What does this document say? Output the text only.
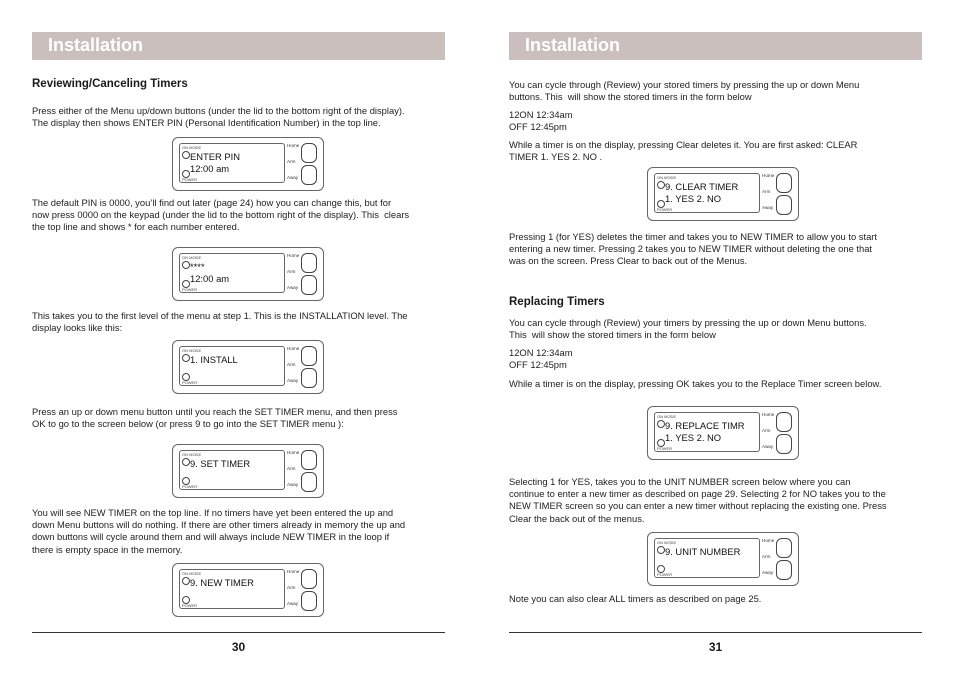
Installation
Reviewing/Canceling Timers
Press either of the Menu up/down buttons (under the lid to the bottom right of the display).
The display then shows ENTER PIN (Personal Identification Number) in the top line.
ON MODE
POWER
ENTER PIN
12:00 am
Home
Arm
Away
The default PIN is 0000, you’ll find out later (page 24) how you can change this, but for
now press 0000 on the keypad (under the lid to the bottom right of the display). This  clears
the top line and shows * for each number entered.
ON MODE
POWER
****
12:00 am
Home
Arm
Away
This takes you to the first level of the menu at step 1. This is the INSTALLATION level. The
display looks like this:
ON MODE
POWER
1. INSTALL
Home
Arm
Away
Press an up or down menu button until you reach the SET TIMER menu, and then press
OK to go to the screen below (or press 9 to go into the SET TIMER menu ):
ON MODE
POWER
9. SET TIMER
Home
Arm
Away
You will see NEW TIMER on the top line. If no timers have yet been entered the up and
down Menu buttons will do nothing. If there are other timers already in memory the up and
down buttons will cycle around them and will always include NEW TIMER in the loop if
there is empty space in the memory.
ON MODE
POWER
9. NEW TIMER
Home
Arm
Away
30
Installation
You can cycle through (Review) your stored timers by pressing the up or down Menu
buttons. This  will show the stored timers in the form below
12ON 12:34am
OFF 12:45pm
While a timer is on the display, pressing Clear deletes it. You are first asked: CLEAR
TIMER 1. YES 2. NO .
ON MODE
POWER
9. CLEAR TIMER
1. YES 2. NO
Home
Arm
Away
Pressing 1 (for YES) deletes the timer and takes you to NEW TIMER to allow you to start
entering a new timer. Pressing 2 takes you to NEW TIMER without deleting the one that
was on the screen. Press Clear to back out of the Menus.
Replacing Timers
You can cycle through (Review) your timers by pressing the up or down Menu buttons.
This  will show the stored timers in the form below
12ON 12:34am
OFF 12:45pm
While a timer is on the display, pressing OK takes you to the Replace Timer screen below.
ON MODE
POWER
9. REPLACE TIMR
1. YES 2. NO
Home
Arm
Away
Selecting 1 for YES, takes you to the UNIT NUMBER screen below where you can
continue to enter a new timer as described on page 29. Selecting 2 for NO takes you to the
NEW TIMER screen so you can enter a new timer without replacing the existing one. Press
Clear the back out of the menus.
ON MODE
POWER
9. UNIT NUMBER
Home
Arm
Away
Note you can also clear ALL timers as described on page 25.
31
